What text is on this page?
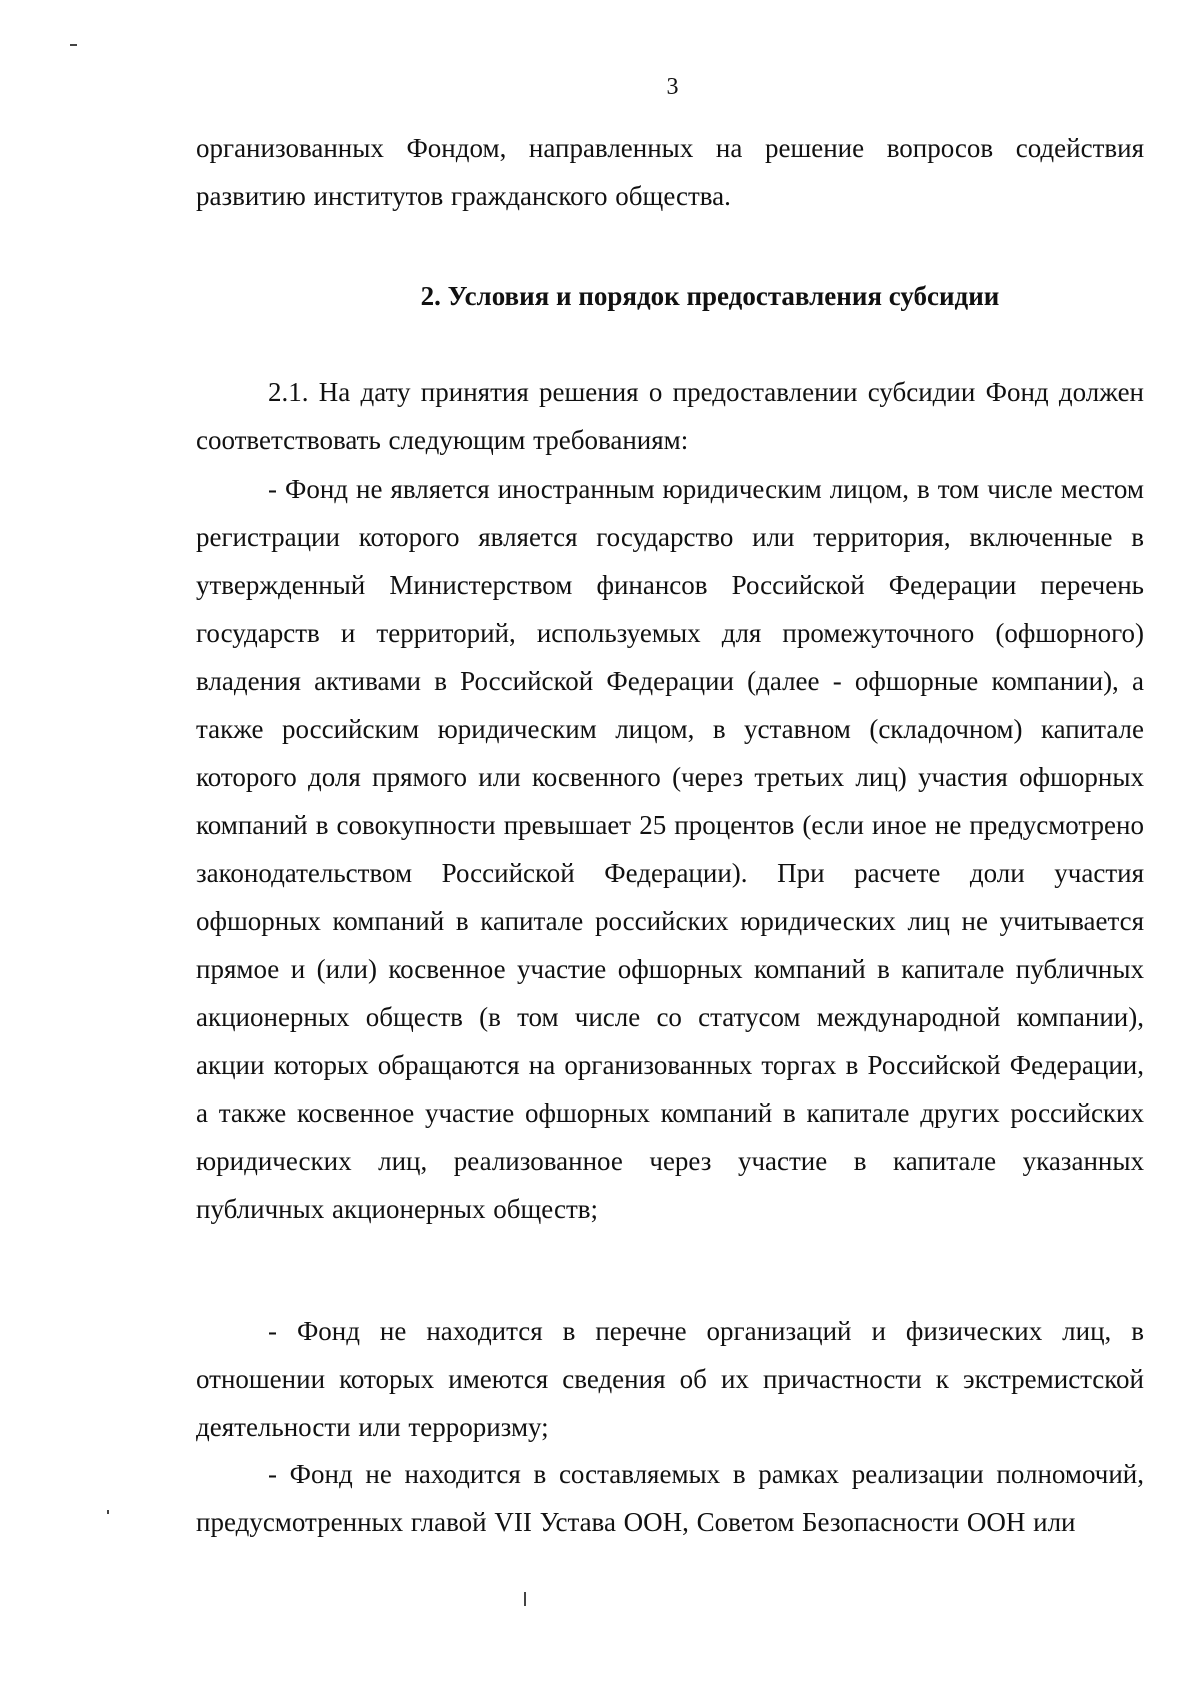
3

организованных Фондом, направленных на решение вопросов содействия развитию институтов гражданского общества.

2. Условия и порядок предоставления субсидии

2.1. На дату принятия решения о предоставлении субсидии Фонд должен соответствовать следующим требованиям:

- Фонд не является иностранным юридическим лицом, в том числе местом регистрации которого является государство или территория, включенные в утвержденный Министерством финансов Российской Федерации перечень государств и территорий, используемых для промежуточного (офшорного) владения активами в Российской Федерации (далее - офшорные компании), а также российским юридическим лицом, в уставном (складочном) капитале которого доля прямого или косвенного (через третьих лиц) участия офшорных компаний в совокупности превышает 25 процентов (если иное не предусмотрено законодательством Российской Федерации). При расчете доли участия офшорных компаний в капитале российских юридических лиц не учитывается прямое и (или) косвенное участие офшорных компаний в капитале публичных акционерных обществ (в том числе со статусом международной компании), акции которых обращаются на организованных торгах в Российской Федерации, а также косвенное участие офшорных компаний в капитале других российских юридических лиц, реализованное через участие в капитале указанных публичных акционерных обществ;

- Фонд не находится в перечне организаций и физических лиц, в отношении которых имеются сведения об их причастности к экстремистской деятельности или терроризму;

- Фонд не находится в составляемых в рамках реализации полномочий, предусмотренных главой VII Устава ООН, Советом Безопасности ООН или
